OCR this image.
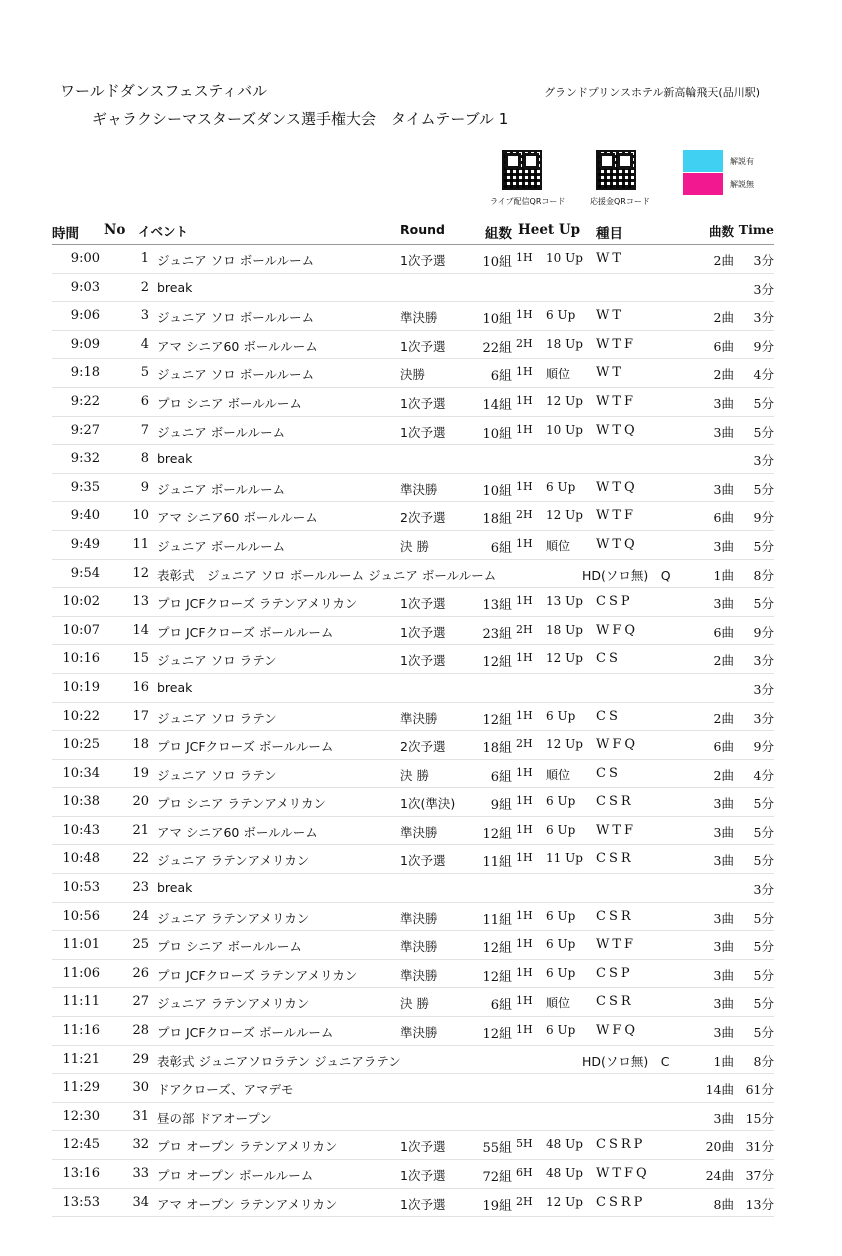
ワールドダンスフェスティバル	グランドプリンスホテル新高輪飛天(品川駅)
ギャラクシーマスターズダンス選手権大会　タイムテーブル 1
ライブ配信QRコード	応援金QRコード
解説有
解説無
時間	No イベント	Round	組数 Heet Up 種目	曲数 Time
9:00	1 ジュニア ソロ ボールルーム	1次予選	10組 1H	10 Up WT	2曲	3分
9:03	2 break	3分
9:06	3 ジュニア ソロ ボールルーム	準決勝	10組 1H	6 Up	WT	2曲	3分
9:09	4 アマ シニア60 ボールルーム	1次予選	22組 2H	18 Up WTF	6曲	9分
9:18	5 ジュニア ソロ ボールルーム	決勝	6組 1H	順位	WT	2曲	4分
9:22	6 プロ シニア ボールルーム	1次予選	14組 1H	12 Up WTF	3曲	5分
9:27	7 ジュニア ボールルーム	1次予選	10組 1H	10 Up WTQ	3曲	5分
9:32	8 break	3分
9:35	9 ジュニア ボールルーム	準決勝	10組 1H	6 Up	WTQ	3曲	5分
9:40	10 アマ シニア60 ボールルーム	2次予選	18組 2H	12 Up WTF	6曲	9分
9:49	11 ジュニア ボールルーム	決 勝	6組 1H	順位	WTQ	3曲	5分
9:54	12 表彰式　ジュニア ソロ ボールルーム ジュニア ボールルーム	HD(ソロ無)　Q	1曲	8分
10:02	13 プロ JCFクローズ ラテンアメリカン	1次予選	13組 1H	13 Up CSP	3曲	5分
10:07	14 プロ JCFクローズ ボールルーム	1次予選	23組 2H	18 Up WFQ	6曲	9分
10:16	15 ジュニア ソロ ラテン	1次予選	12組 1H	12 Up CS	2曲	3分
10:19	16 break	3分
10:22	17 ジュニア ソロ ラテン	準決勝	12組 1H	6 Up	CS	2曲	3分
10:25	18 プロ JCFクローズ ボールルーム	2次予選	18組 2H	12 Up WFQ	6曲	9分
10:34	19 ジュニア ソロ ラテン	決 勝	6組 1H	順位	CS	2曲	4分
10:38	20 プロ シニア ラテンアメリカン	1次(準決)	9組 1H	6 Up	CSR	3曲	5分
10:43	21 アマ シニア60 ボールルーム	準決勝	12組 1H	6 Up	WTF	3曲	5分
10:48	22 ジュニア ラテンアメリカン	1次予選	11組 1H	11 Up CSR	3曲	5分
10:53	23 break	3分
10:56	24 ジュニア ラテンアメリカン	準決勝	11組 1H	6 Up	CSR	3曲	5分
11:01	25 プロ シニア ボールルーム	準決勝	12組 1H	6 Up	WTF	3曲	5分
11:06	26 プロ JCFクローズ ラテンアメリカン	準決勝	12組 1H	6 Up	CSP	3曲	5分
11:11	27 ジュニア ラテンアメリカン	決 勝	6組 1H	順位	CSR	3曲	5分
11:16	28 プロ JCFクローズ ボールルーム	準決勝	12組 1H	6 Up	WFQ	3曲	5分
11:21	29 表彰式 ジュニアソロラテン ジュニアラテン	HD(ソロ無)　C	1曲	8分
11:29	30 ドアクローズ、アマデモ	14曲 61分
12:30	31 昼の部 ドアオープン	3曲 15分
12:45	32 プロ オープン ラテンアメリカン	1次予選	55組 5H	48 Up CSRP	20曲 31分
13:16	33 プロ オープン ボールルーム	1次予選	72組 6H	48 Up WTFQ	24曲 37分
13:53	34 アマ オープン ラテンアメリカン	1次予選	19組 2H	12 Up CSRP	8曲 13分
